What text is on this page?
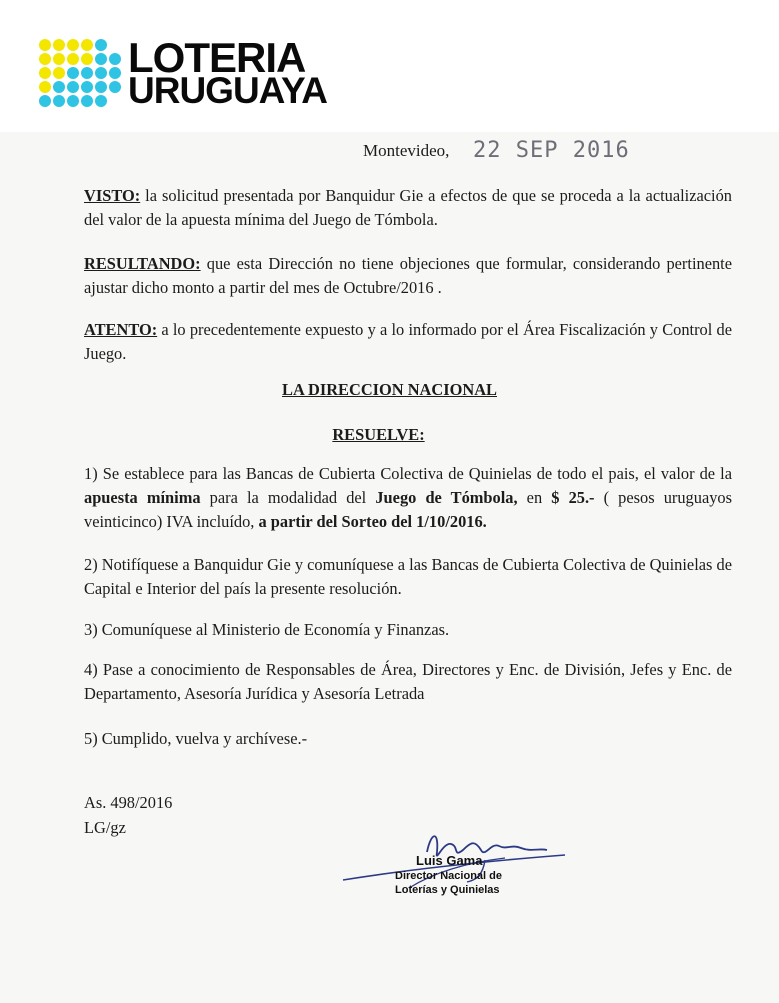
LOTERIA
URUGUAYA
Montevideo, 22 SEP 2016

VISTO: la solicitud presentada por Banquidur Gie a efectos de que se proceda a la actualización del valor de la apuesta mínima del Juego de Tómbola.

RESULTANDO: que esta Dirección no tiene objeciones que formular, considerando pertinente ajustar dicho monto a partir del mes de Octubre/2016 .

ATENTO: a lo precedentemente expuesto y a lo informado por el Área Fiscalización y Control de Juego.

LA DIRECCION NACIONAL

RESUELVE:

1) Se establece para las Bancas de Cubierta Colectiva de Quinielas de todo el pais, el valor de la apuesta mínima para la modalidad del Juego de Tómbola, en $ 25.- ( pesos uruguayos veinticinco) IVA incluído, a partir del Sorteo del 1/10/2016.

2) Notifíquese a Banquidur Gie y comuníquese a las Bancas de Cubierta Colectiva de Quinielas de Capital e Interior del país la presente resolución.

3) Comuníquese al Ministerio de Economía y Finanzas.

4) Pase a conocimiento de Responsables de Área, Directores y Enc. de División, Jefes y Enc. de Departamento, Asesoría Jurídica y Asesoría Letrada

5) Cumplido, vuelva y archívese.-

As. 498/2016
LG/gz
Luis Gama
Director Nacional de
Loterías y Quinielas
